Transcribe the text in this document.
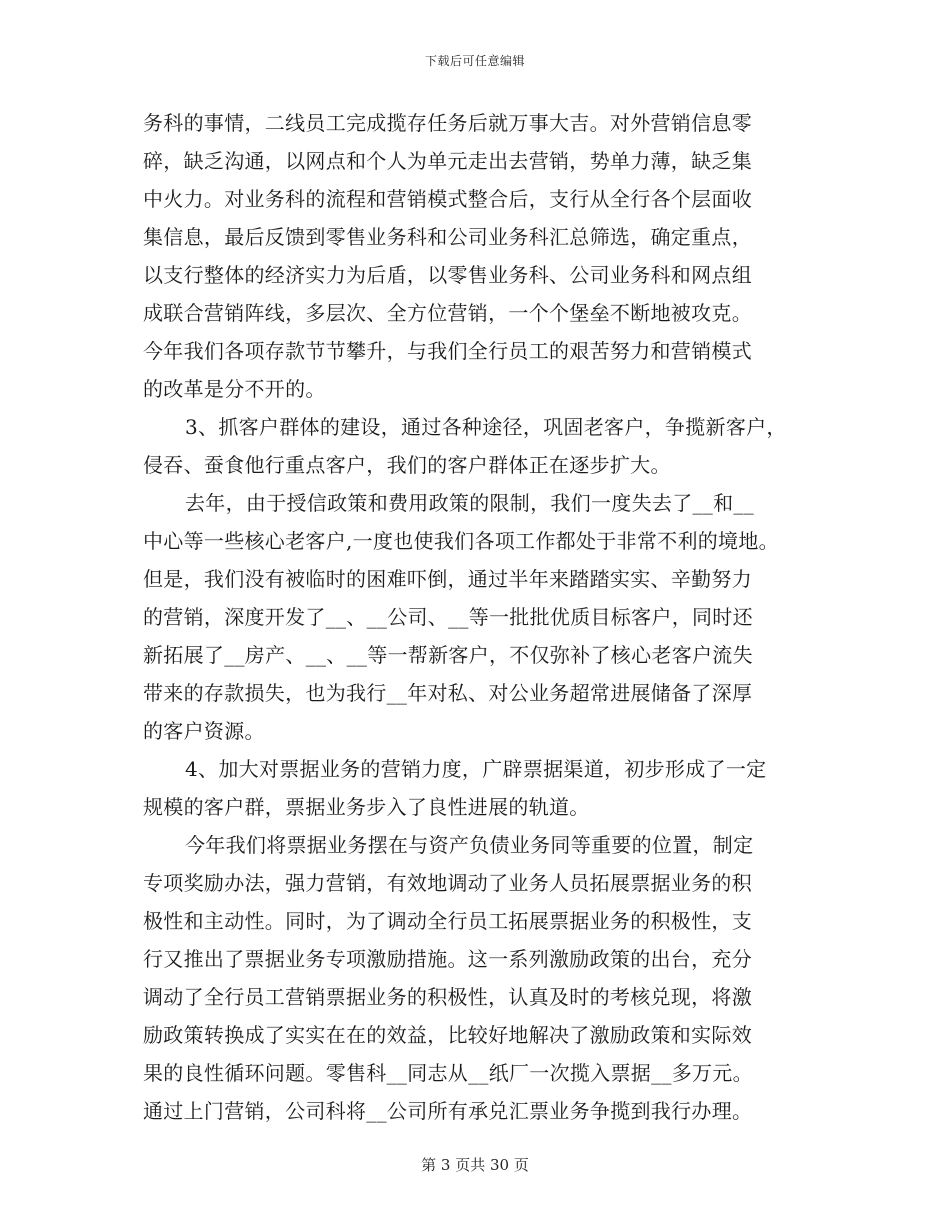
下载后可任意编辑
务科的事情，二线员工完成揽存任务后就万事大吉。对外营销信息零
碎，缺乏沟通，以网点和个人为单元走出去营销，势单力薄，缺乏集
中火力。对业务科的流程和营销模式整合后，支行从全行各个层面收
集信息，最后反馈到零售业务科和公司业务科汇总筛选，确定重点，
以支行整体的经济实力为后盾，以零售业务科、公司业务科和网点组
成联合营销阵线，多层次、全方位营销，一个个堡垒不断地被攻克。
今年我们各项存款节节攀升，与我们全行员工的艰苦努力和营销模式
的改革是分不开的。
3、抓客户群体的建设，通过各种途径，巩固老客户，争揽新客户，
侵吞、蚕食他行重点客户，我们的客户群体正在逐步扩大。
去年，由于授信政策和费用政策的限制，我们一度失去了__和__
中心等一些核心老客户,一度也使我们各项工作都处于非常不利的境地。
但是，我们没有被临时的困难吓倒，通过半年来踏踏实实、辛勤努力
的营销，深度开发了__、__公司、__等一批批优质目标客户，同时还
新拓展了__房产、__、__等一帮新客户，不仅弥补了核心老客户流失
带来的存款损失，也为我行__年对私、对公业务超常进展储备了深厚
的客户资源。
4、加大对票据业务的营销力度，广辟票据渠道，初步形成了一定
规模的客户群，票据业务步入了良性进展的轨道。
今年我们将票据业务摆在与资产负债业务同等重要的位置，制定
专项奖励办法，强力营销，有效地调动了业务人员拓展票据业务的积
极性和主动性。同时，为了调动全行员工拓展票据业务的积极性，支
行又推出了票据业务专项激励措施。这一系列激励政策的出台，充分
调动了全行员工营销票据业务的积极性，认真及时的考核兑现，将激
励政策转换成了实实在在的效益，比较好地解决了激励政策和实际效
果的良性循环问题。零售科__同志从__纸厂一次揽入票据__多万元。
通过上门营销，公司科将__公司所有承兑汇票业务争揽到我行办理。
第 3 页共 30 页
